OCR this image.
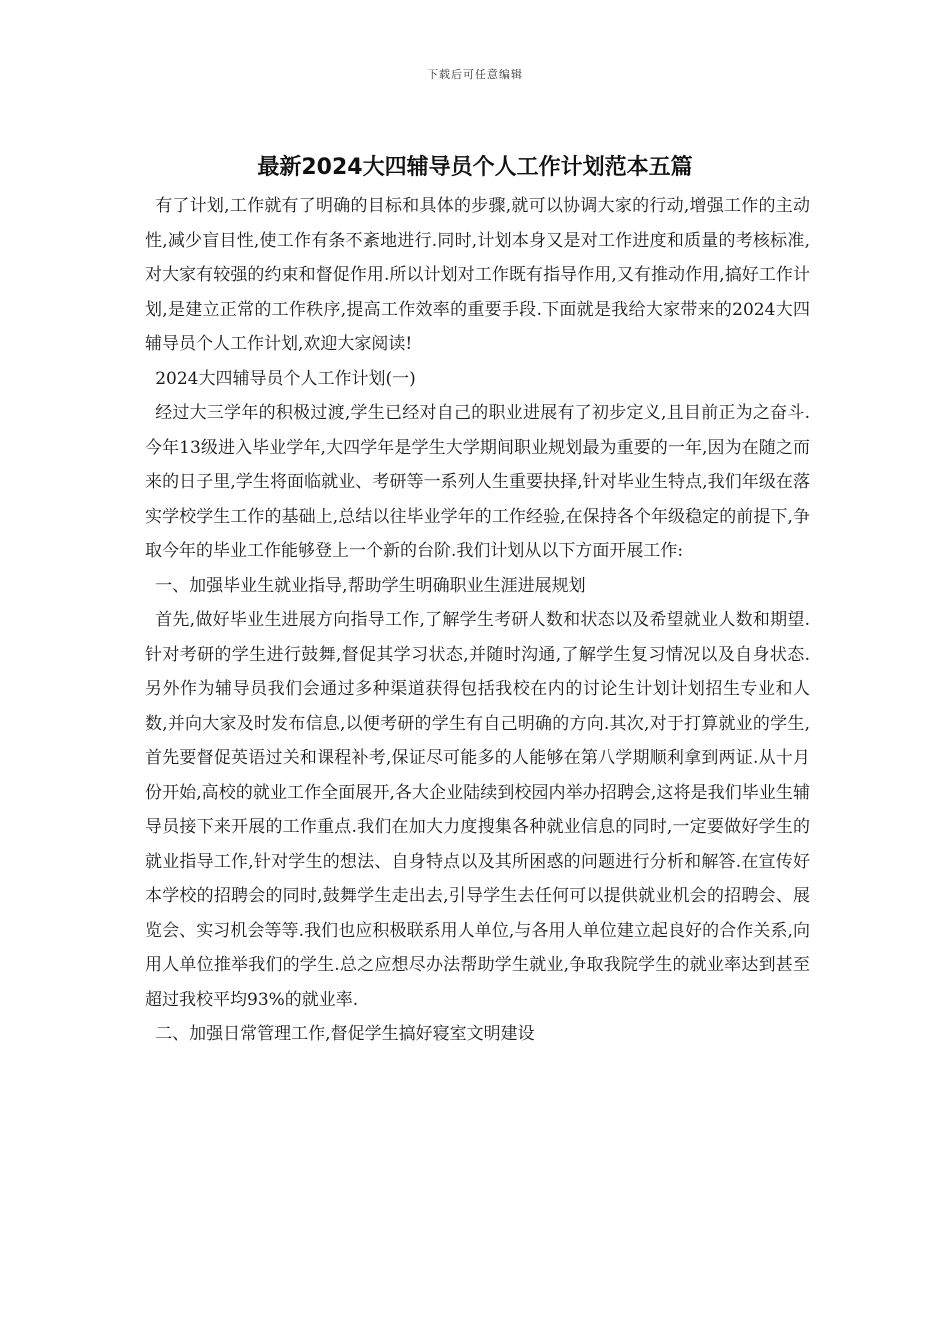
下载后可任意编辑
最新2024大四辅导员个人工作计划范本五篇

有了计划,工作就有了明确的目标和具体的步骤,就可以协调大家的行动,增强工作的主动性,减少盲目性,使工作有条不紊地进行.同时,计划本身又是对工作进度和质量的考核标准,对大家有较强的约束和督促作用.所以计划对工作既有指导作用,又有推动作用,搞好工作计划,是建立正常的工作秩序,提高工作效率的重要手段.下面就是我给大家带来的2024大四辅导员个人工作计划,欢迎大家阅读!

2024大四辅导员个人工作计划(一)

经过大三学年的积极过渡,学生已经对自己的职业进展有了初步定义,且目前正为之奋斗.今年13级进入毕业学年,大四学年是学生大学期间职业规划最为重要的一年,因为在随之而来的日子里,学生将面临就业、考研等一系列人生重要抉择,针对毕业生特点,我们年级在落实学校学生工作的基础上,总结以往毕业学年的工作经验,在保持各个年级稳定的前提下,争取今年的毕业工作能够登上一个新的台阶.我们计划从以下方面开展工作:

一、加强毕业生就业指导,帮助学生明确职业生涯进展规划

首先,做好毕业生进展方向指导工作,了解学生考研人数和状态以及希望就业人数和期望.针对考研的学生进行鼓舞,督促其学习状态,并随时沟通,了解学生复习情况以及自身状态.另外作为辅导员我们会通过多种渠道获得包括我校在内的讨论生计划计划招生专业和人数,并向大家及时发布信息,以便考研的学生有自己明确的方向.其次,对于打算就业的学生,首先要督促英语过关和课程补考,保证尽可能多的人能够在第八学期顺利拿到两证.从十月份开始,高校的就业工作全面展开,各大企业陆续到校园内举办招聘会,这将是我们毕业生辅导员接下来开展的工作重点.我们在加大力度搜集各种就业信息的同时,一定要做好学生的就业指导工作,针对学生的想法、自身特点以及其所困惑的问题进行分析和解答.在宣传好本学校的招聘会的同时,鼓舞学生走出去,引导学生去任何可以提供就业机会的招聘会、展览会、实习机会等等.我们也应积极联系用人单位,与各用人单位建立起良好的合作关系,向用人单位推举我们的学生.总之应想尽办法帮助学生就业,争取我院学生的就业率达到甚至超过我校平均93%的就业率.

二、加强日常管理工作,督促学生搞好寝室文明建设
